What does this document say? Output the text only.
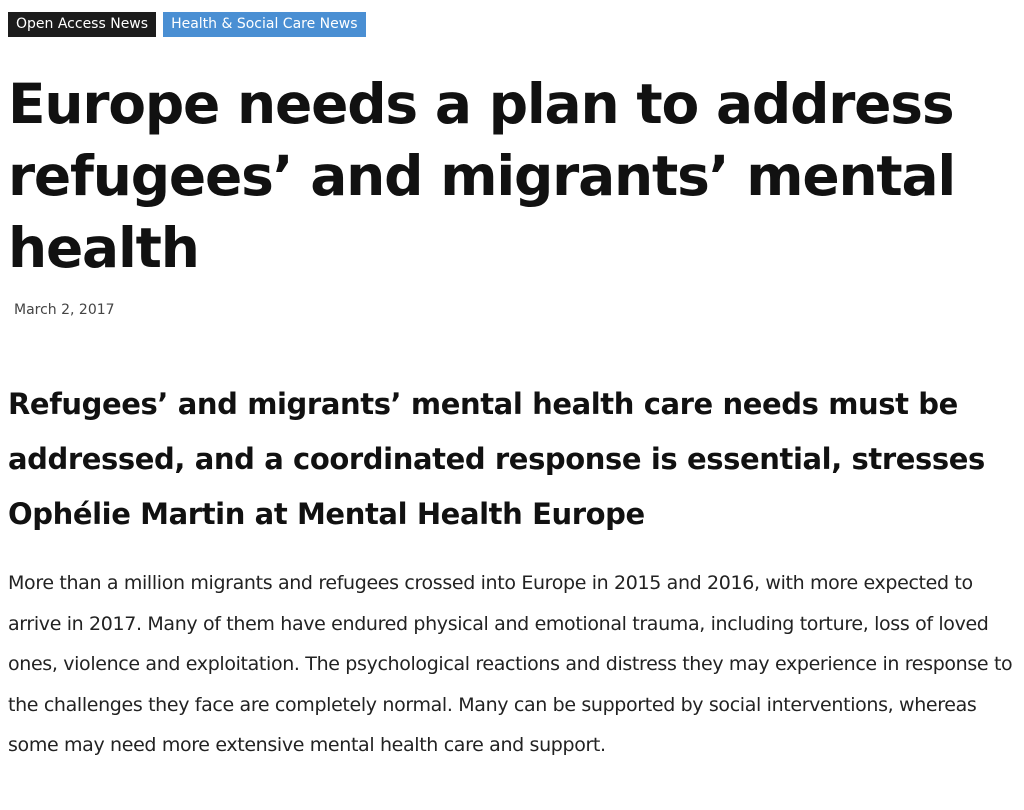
Open Access News	Health & Social Care News
Europe needs a plan to address refugees’ and migrants’ mental health
March 2, 2017
Refugees’ and migrants’ mental health care needs must be addressed, and a coordinated response is essential, stresses Ophélie Martin at Mental Health Europe

More than a million migrants and refugees crossed into Europe in 2015 and 2016, with more expected to arrive in 2017. Many of them have endured physical and emotional trauma, including torture, loss of loved ones, violence and exploitation. The psychological reactions and distress they may experience in response to the challenges they face are completely normal. Many can be supported by social interventions, whereas some may need more extensive mental health care and support.
